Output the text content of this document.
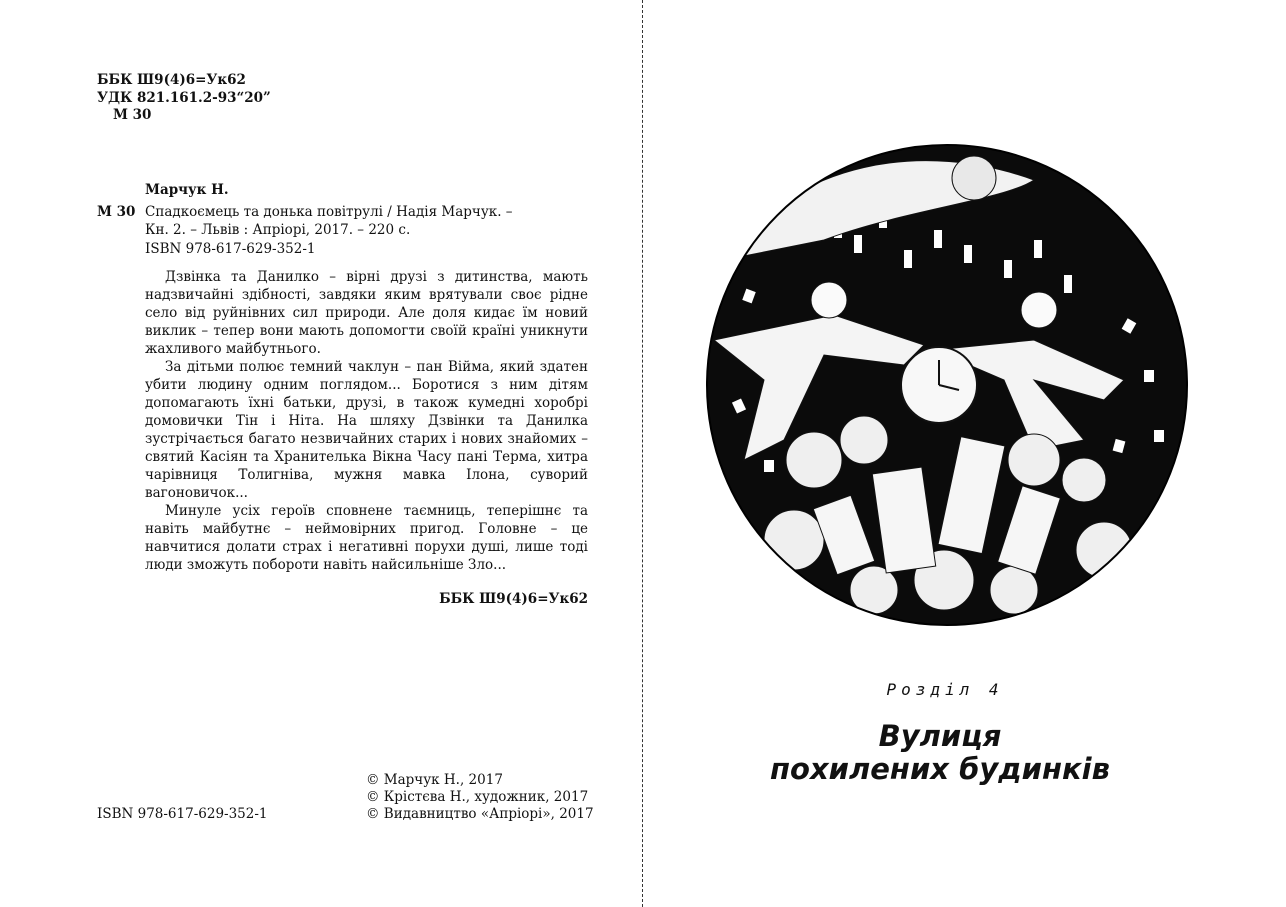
ББК Ш9(4)6=Ук62
УДК 821.161.2-93“20”
М 30
Марчук Н.
М 30 Спадкоємець та донька повітрулі / Надія Марчук. –
Кн. 2. – Львів : Апріорі, 2017. – 220 с.
ISBN 978-617-629-352-1

Дзвінка та Данилко – вірні друзі з дитинства, мають надзвичайні здібності, завдяки яким врятували своє рідне село від руйнівних сил природи. Але доля кидає їм новий виклик – тепер вони мають допомогти своїй країні уникнути жахливого майбутнього.

За дітьми полює темний чаклун – пан Війма, який здатен убити людину одним поглядом... Боротися з ним дітям допомагають їхні батьки, друзі, в також кумедні хоробрі домовички Тін і Ніта. На шляху Дзвінки та Данилка зустрічається багато незвичайних старих і нових знайомих – святий Касіян та Хранителька Вікна Часу пані Терма, хитра чарівниця Толигніва, мужня мавка Ілона, суворий вагоновичок...

Минуле усіх героїв сповнене таємниць, теперішнє та навіть майбутнє – неймовірних пригод. Головне – це навчитися долати страх і негативні поруxи душі, лише тоді люди зможуть побороти навіть найсильніше Зло...

ББК Ш9(4)6=Ук62
© Марчук Н., 2017
© Крістєва Н., художник, 2017
© Видавництво «Апріорі», 2017
ISBN 978-617-629-352-1
Розділ 4
Вулиця
похилених будинків
